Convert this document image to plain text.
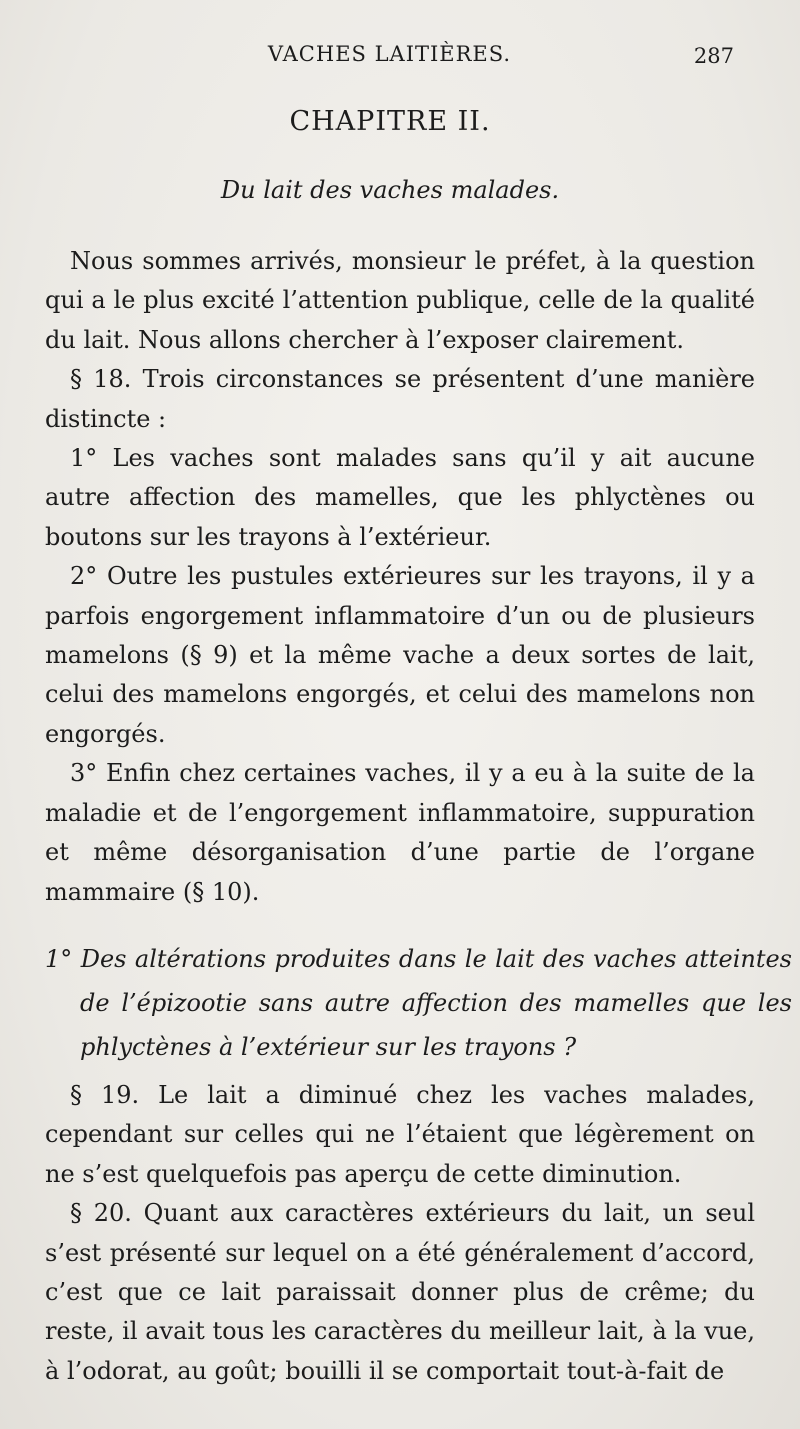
VACHES LAITIÈRES.	287
CHAPITRE II.
Du lait des vaches malades.

Nous sommes arrivés, monsieur le préfet, à la question qui a le plus excité l’attention publique, celle de la qualité du lait. Nous allons chercher à l’exposer clairement.

§ 18. Trois circonstances se présentent d’une manière distincte :

1° Les vaches sont malades sans qu’il y ait aucune autre affection des mamelles, que les phlyctènes ou boutons sur les trayons à l’extérieur.

2° Outre les pustules extérieures sur les trayons, il y a parfois engorgement inflammatoire d’un ou de plusieurs mamelons (§ 9) et la même vache a deux sortes de lait, celui des mamelons engorgés, et celui des mamelons non engorgés.

3° Enfin chez certaines vaches, il y a eu à la suite de la maladie et de l’engorgement inflammatoire, suppuration et même désorganisation d’une partie de l’organe mammaire (§ 10).

1° Des altérations produites dans le lait des vaches atteintes de l’épizootie sans autre affection des mamelles que les phlyctènes à l’extérieur sur les trayons ?

§ 19. Le lait a diminué chez les vaches malades, cependant sur celles qui ne l’étaient que légèrement on ne s’est quelquefois pas aperçu de cette diminution.

§ 20. Quant aux caractères extérieurs du lait, un seul s’est présenté sur lequel on a été généralement d’accord, c’est que ce lait paraissait donner plus de crême; du reste, il avait tous les caractères du meilleur lait, à la vue, à l’odorat, au goût; bouilli il se comportait tout-à-fait de
